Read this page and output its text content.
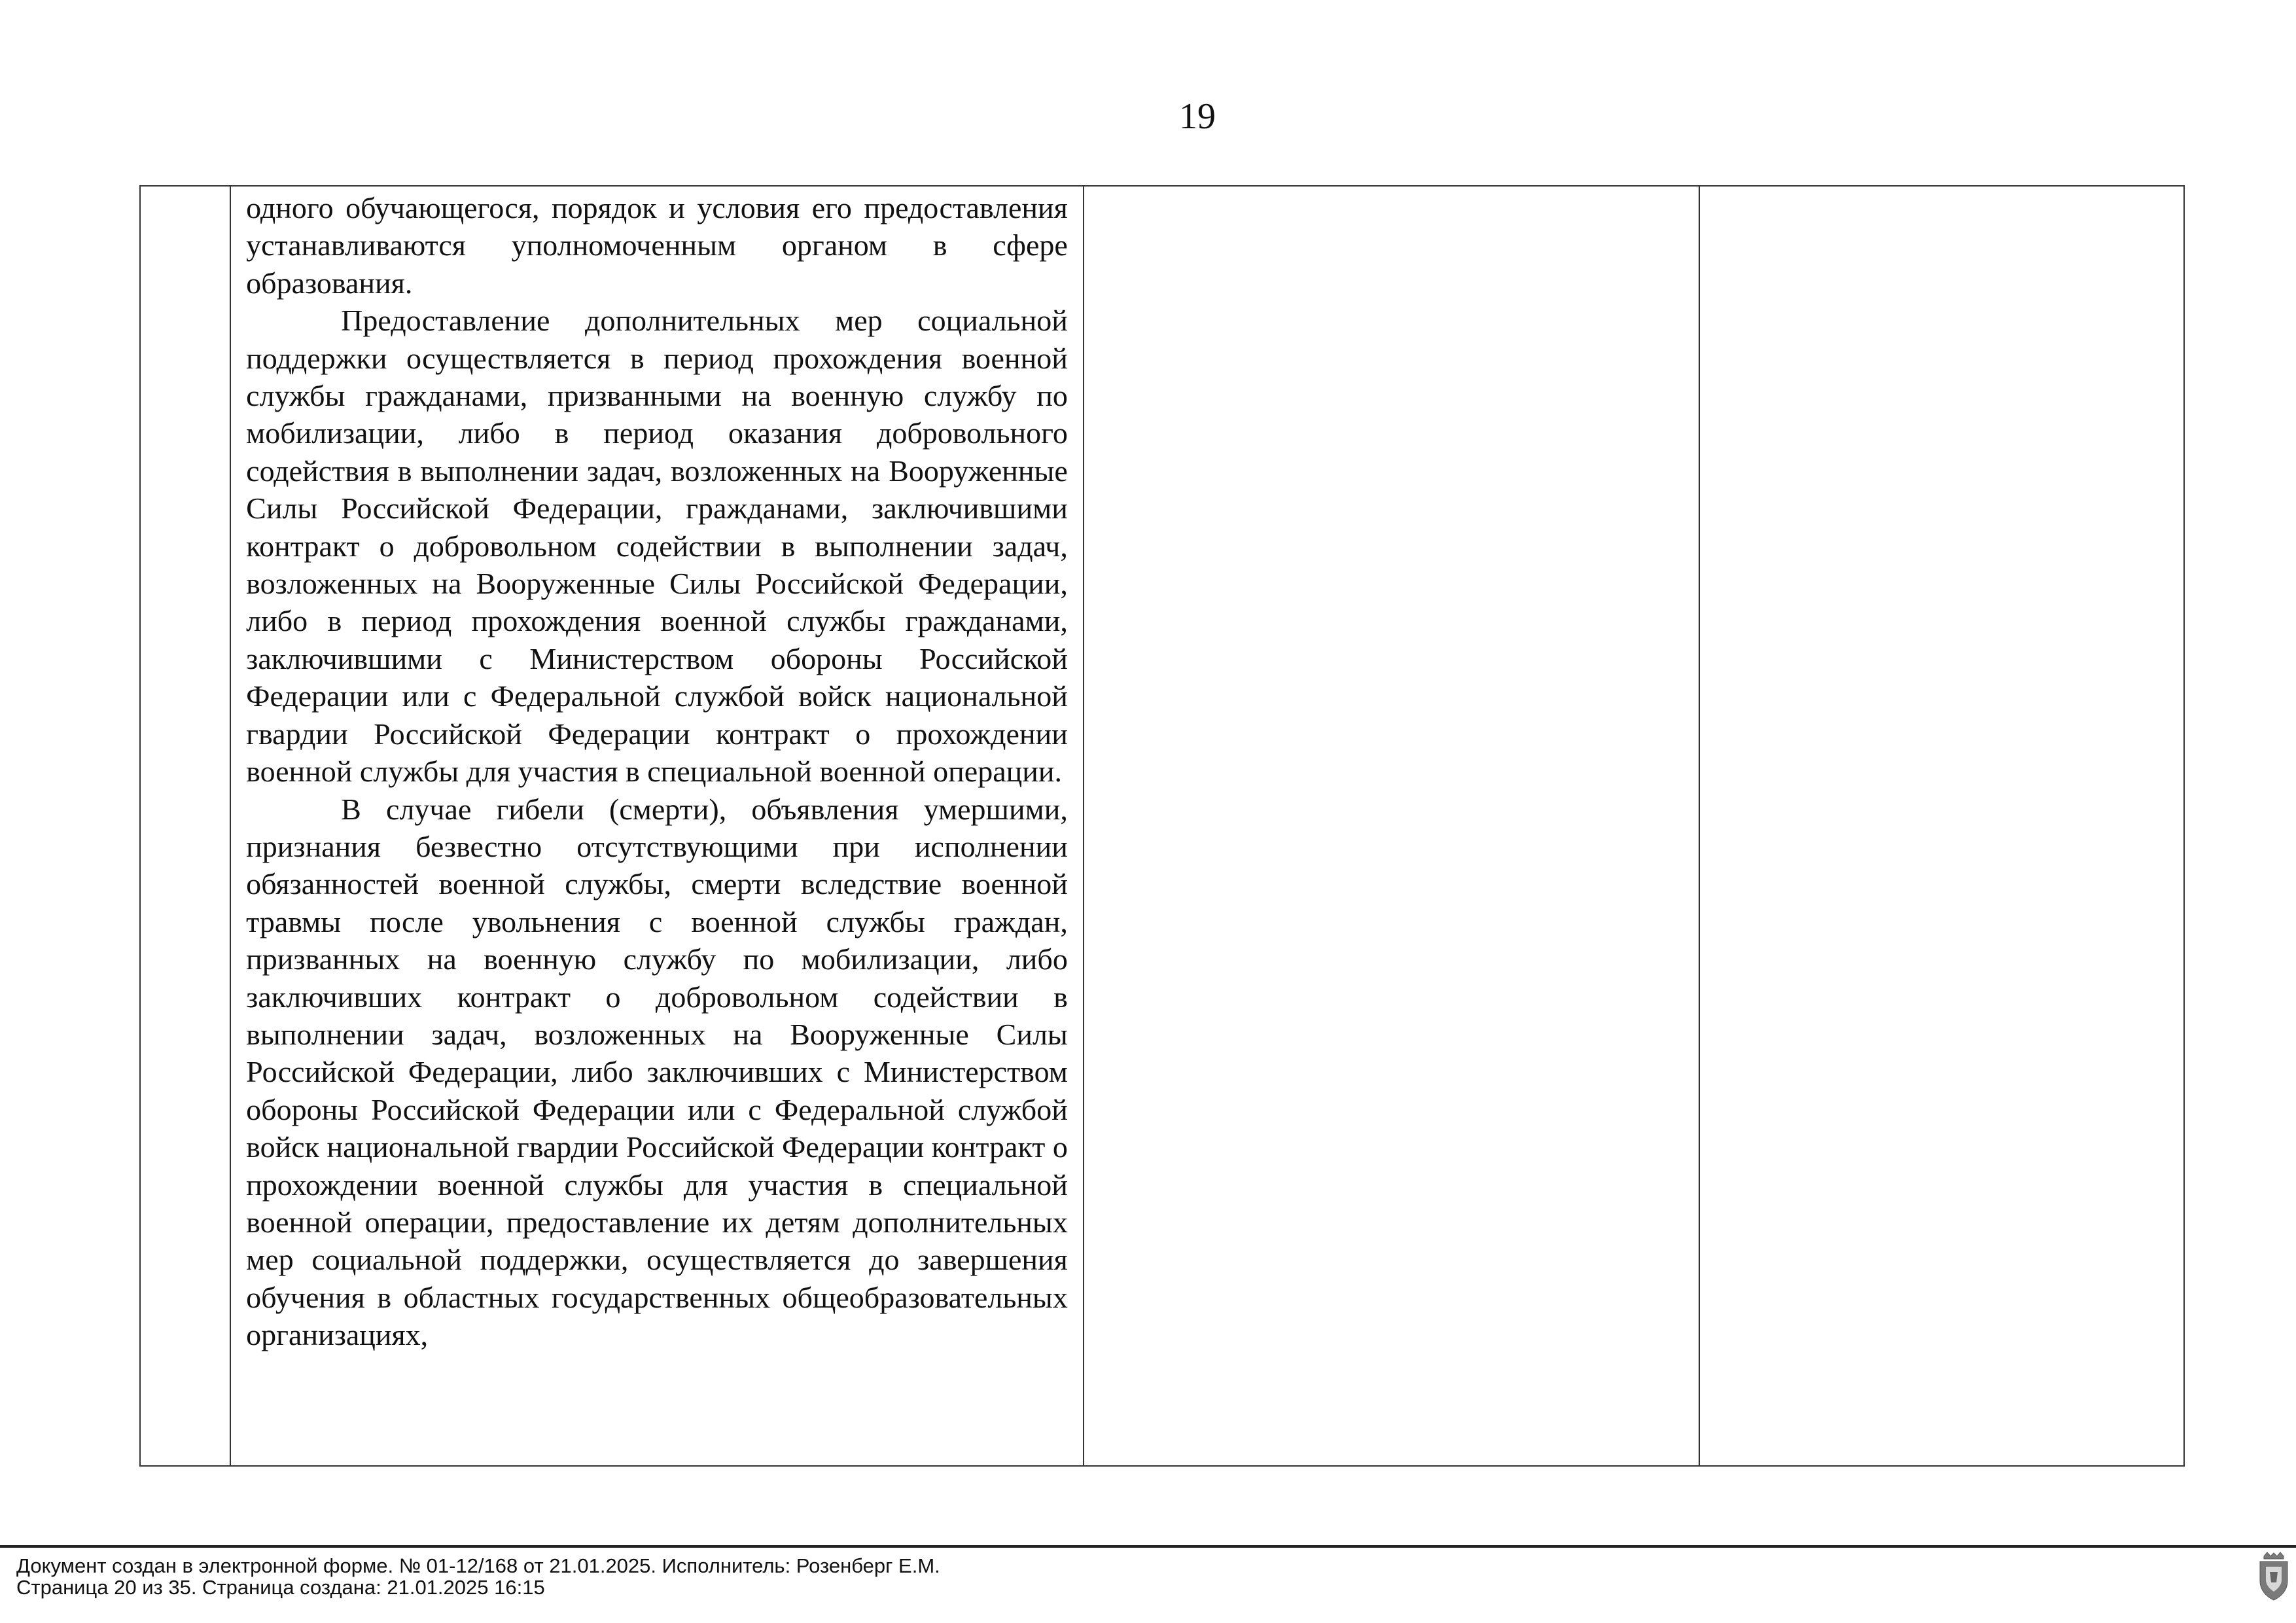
19

одного обучающегося, порядок и условия его предоставления устанавливаются уполномоченным органом в сфере образования.

Предоставление дополнительных мер социальной поддержки осуществляется в период прохождения военной службы гражданами, призванными на военную службу по мобилизации, либо в период оказания добровольного содействия в выполнении задач, возложенных на Вооруженные Силы Российской Федерации, гражданами, заключившими контракт о добровольном содействии в выполнении задач, возложенных на Вооруженные Силы Российской Федерации, либо в период прохождения военной службы гражданами, заключившими с Министерством обороны Российской Федерации или с Федеральной службой войск национальной гвардии Российской Федерации контракт о прохождении военной службы для участия в специальной военной операции.

В случае гибели (смерти), объявления умершими, признания безвестно отсутствующими при исполнении обязанностей военной службы, смерти вследствие военной травмы после увольнения с военной службы граждан, призванных на военную службу по мобилизации, либо заключивших контракт о добровольном содействии в выполнении задач, возложенных на Вооруженные Силы Российской Федерации, либо заключивших с Министерством обороны Российской Федерации или с Федеральной службой войск национальной гвардии Российской Федерации контракт о прохождении военной службы для участия в специальной военной операции, предоставление их детям дополнительных мер социальной поддержки, осуществляется до завершения обучения в областных государственных общеобразовательных организациях,

Документ создан в электронной форме. № 01-12/168 от 21.01.2025. Исполнитель: Розенберг Е.М.
Страница 20 из 35. Страница создана: 21.01.2025 16:15
